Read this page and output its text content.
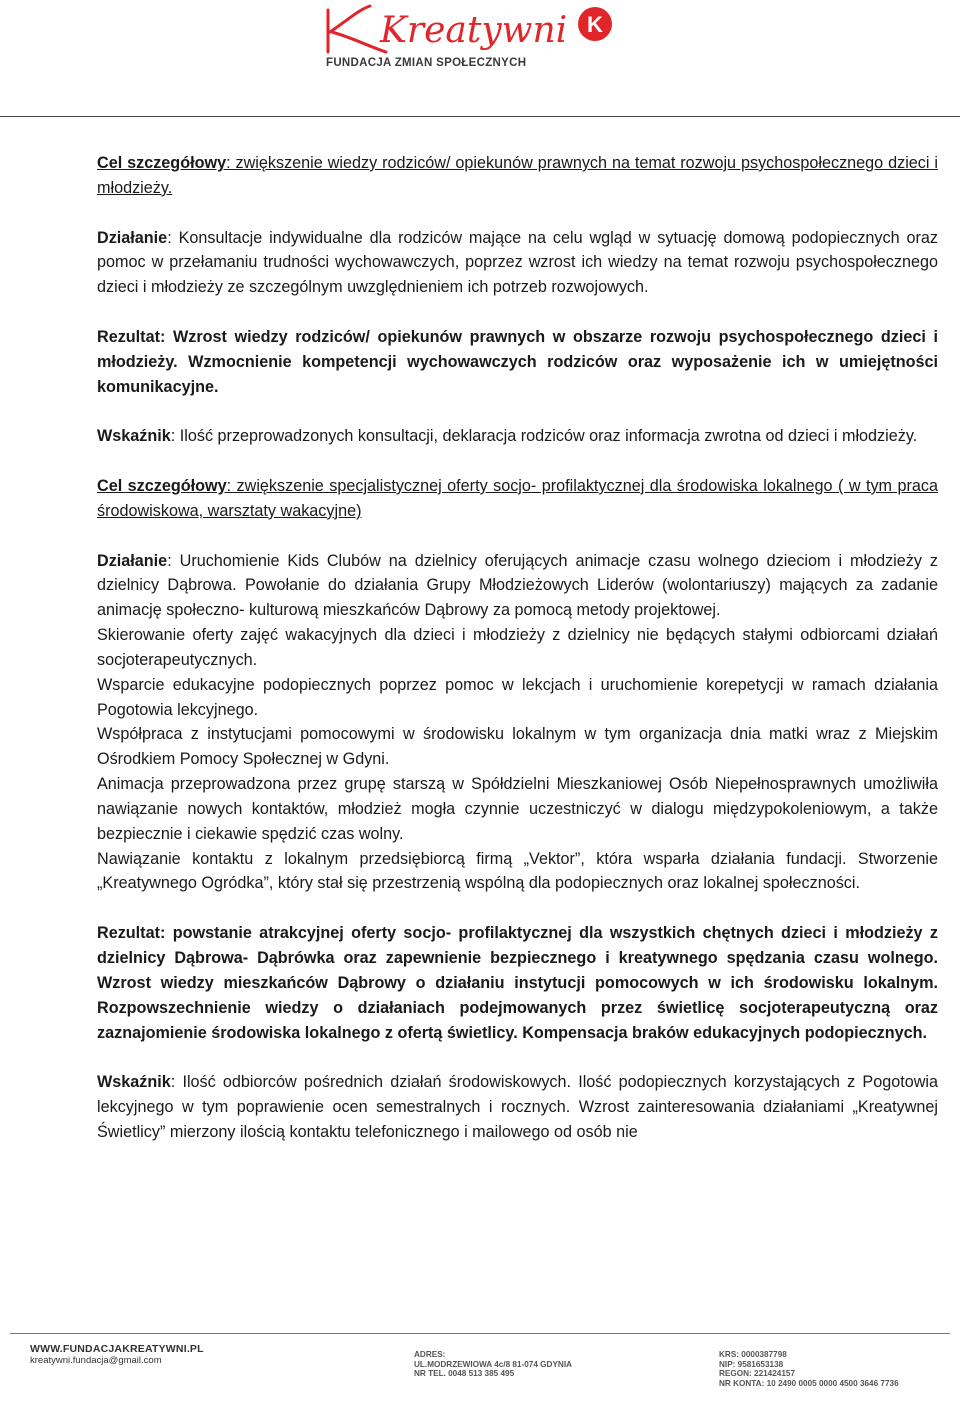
Kreatywni K
FUNDACJA ZMIAN SPOŁECZNYCH

Cel szczegółowy: zwiększenie wiedzy rodziców/ opiekunów prawnych na temat rozwoju psychospołecznego dzieci i młodzieży.

Działanie: Konsultacje indywidualne dla rodziców mające na celu wgląd w sytuację domową podopiecznych oraz pomoc w przełamaniu trudności wychowawczych, poprzez wzrost ich wiedzy na temat rozwoju psychospołecznego dzieci i młodzieży ze szczególnym uwzględnieniem ich potrzeb rozwojowych.

Rezultat: Wzrost wiedzy rodziców/ opiekunów prawnych w obszarze rozwoju psychospołecznego dzieci i młodzieży. Wzmocnienie kompetencji wychowawczych rodziców oraz wyposażenie ich w umiejętności komunikacyjne.

Wskaźnik: Ilość przeprowadzonych konsultacji, deklaracja rodziców oraz informacja zwrotna od dzieci i młodzieży.

Cel szczegółowy: zwiększenie specjalistycznej oferty socjo- profilaktycznej dla środowiska lokalnego ( w tym praca środowiskowa, warsztaty wakacyjne)

Działanie: Uruchomienie Kids Clubów na dzielnicy oferujących animacje czasu wolnego dzieciom i młodzieży z dzielnicy Dąbrowa. Powołanie do działania Grupy Młodzieżowych Liderów (wolontariuszy) mających za zadanie animację społeczno- kulturową mieszkańców Dąbrowy za pomocą metody projektowej.

Skierowanie oferty zajęć wakacyjnych dla dzieci i młodzieży z dzielnicy nie będących stałymi odbiorcami działań socjoterapeutycznych.

Wsparcie edukacyjne podopiecznych poprzez pomoc w lekcjach i uruchomienie korepetycji w ramach działania Pogotowia lekcyjnego.

Współpraca z instytucjami pomocowymi w środowisku lokalnym w tym organizacja dnia matki wraz z Miejskim Ośrodkiem Pomocy Społecznej w Gdyni.

Animacja przeprowadzona przez grupę starszą w Spółdzielni Mieszkaniowej Osób Niepełnosprawnych umożliwiła nawiązanie nowych kontaktów, młodzież mogła czynnie uczestniczyć w dialogu międzypokoleniowym, a także bezpiecznie i ciekawie spędzić czas wolny.

Nawiązanie kontaktu z lokalnym przedsiębiorcą firmą „Vektor”, która wsparła działania fundacji. Stworzenie „Kreatywnego Ogródka”, który stał się przestrzenią wspólną dla podopiecznych oraz lokalnej społeczności.

Rezultat: powstanie atrakcyjnej oferty socjo- profilaktycznej dla wszystkich chętnych dzieci i młodzieży z dzielnicy Dąbrowa- Dąbrówka oraz zapewnienie bezpiecznego i kreatywnego spędzania czasu wolnego. Wzrost wiedzy mieszkańców Dąbrowy o działaniu instytucji pomocowych w ich środowisku lokalnym. Rozpowszechnienie wiedzy o działaniach podejmowanych przez świetlicę socjoterapeutyczną oraz zaznajomienie środowiska lokalnego z ofertą świetlicy. Kompensacja braków edukacyjnych podopiecznych.

Wskaźnik: Ilość odbiorców pośrednich działań środowiskowych. Ilość podopiecznych korzystających z Pogotowia lekcyjnego w tym poprawienie ocen semestralnych i rocznych. Wzrost zainteresowania działaniami „Kreatywnej Świetlicy” mierzony ilością kontaktu telefonicznego i mailowego od osób nie

WWW.FUNDACJAKREATYWNI.PL
kreatywni.fundacja@gmail.com
ADRES:
UL.MODRZEWIOWA 4c/8 81-074 GDYNIA
NR TEL. 0048 513 385 495
KRS: 0000387798
NIP: 9581653138
REGON: 221424157
NR KONTA: 10 2490 0005 0000 4500 3646 7736
